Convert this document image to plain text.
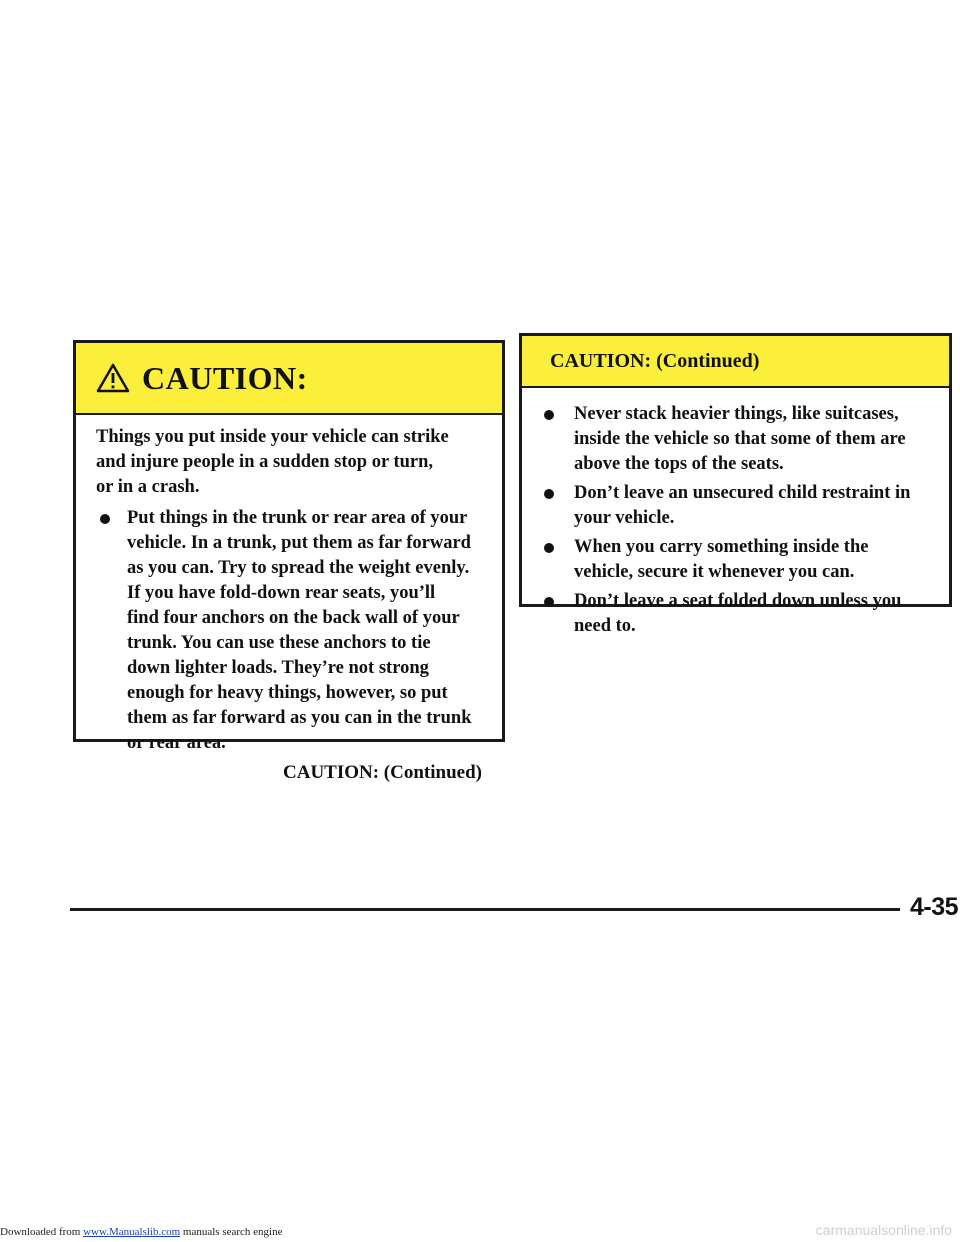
CAUTION:
Things you put inside your vehicle can strike
and injure people in a sudden stop or turn,
or in a crash.
Put things in the trunk or rear area of your
vehicle. In a trunk, put them as far forward
as you can. Try to spread the weight evenly.
If you have fold-down rear seats, you’ll
find four anchors on the back wall of your
trunk. You can use these anchors to tie
down lighter loads. They’re not strong
enough for heavy things, however, so put
them as far forward as you can in the trunk
or rear area.
CAUTION: (Continued)
CAUTION: (Continued)
Never stack heavier things, like suitcases,
inside the vehicle so that some of them are
above the tops of the seats.
Don’t leave an unsecured child restraint in
your vehicle.
When you carry something inside the
vehicle, secure it whenever you can.
Don’t leave a seat folded down unless you
need to.
4-35
Downloaded from www.Manualslib.com manuals search engine	carmanualsonline.info
